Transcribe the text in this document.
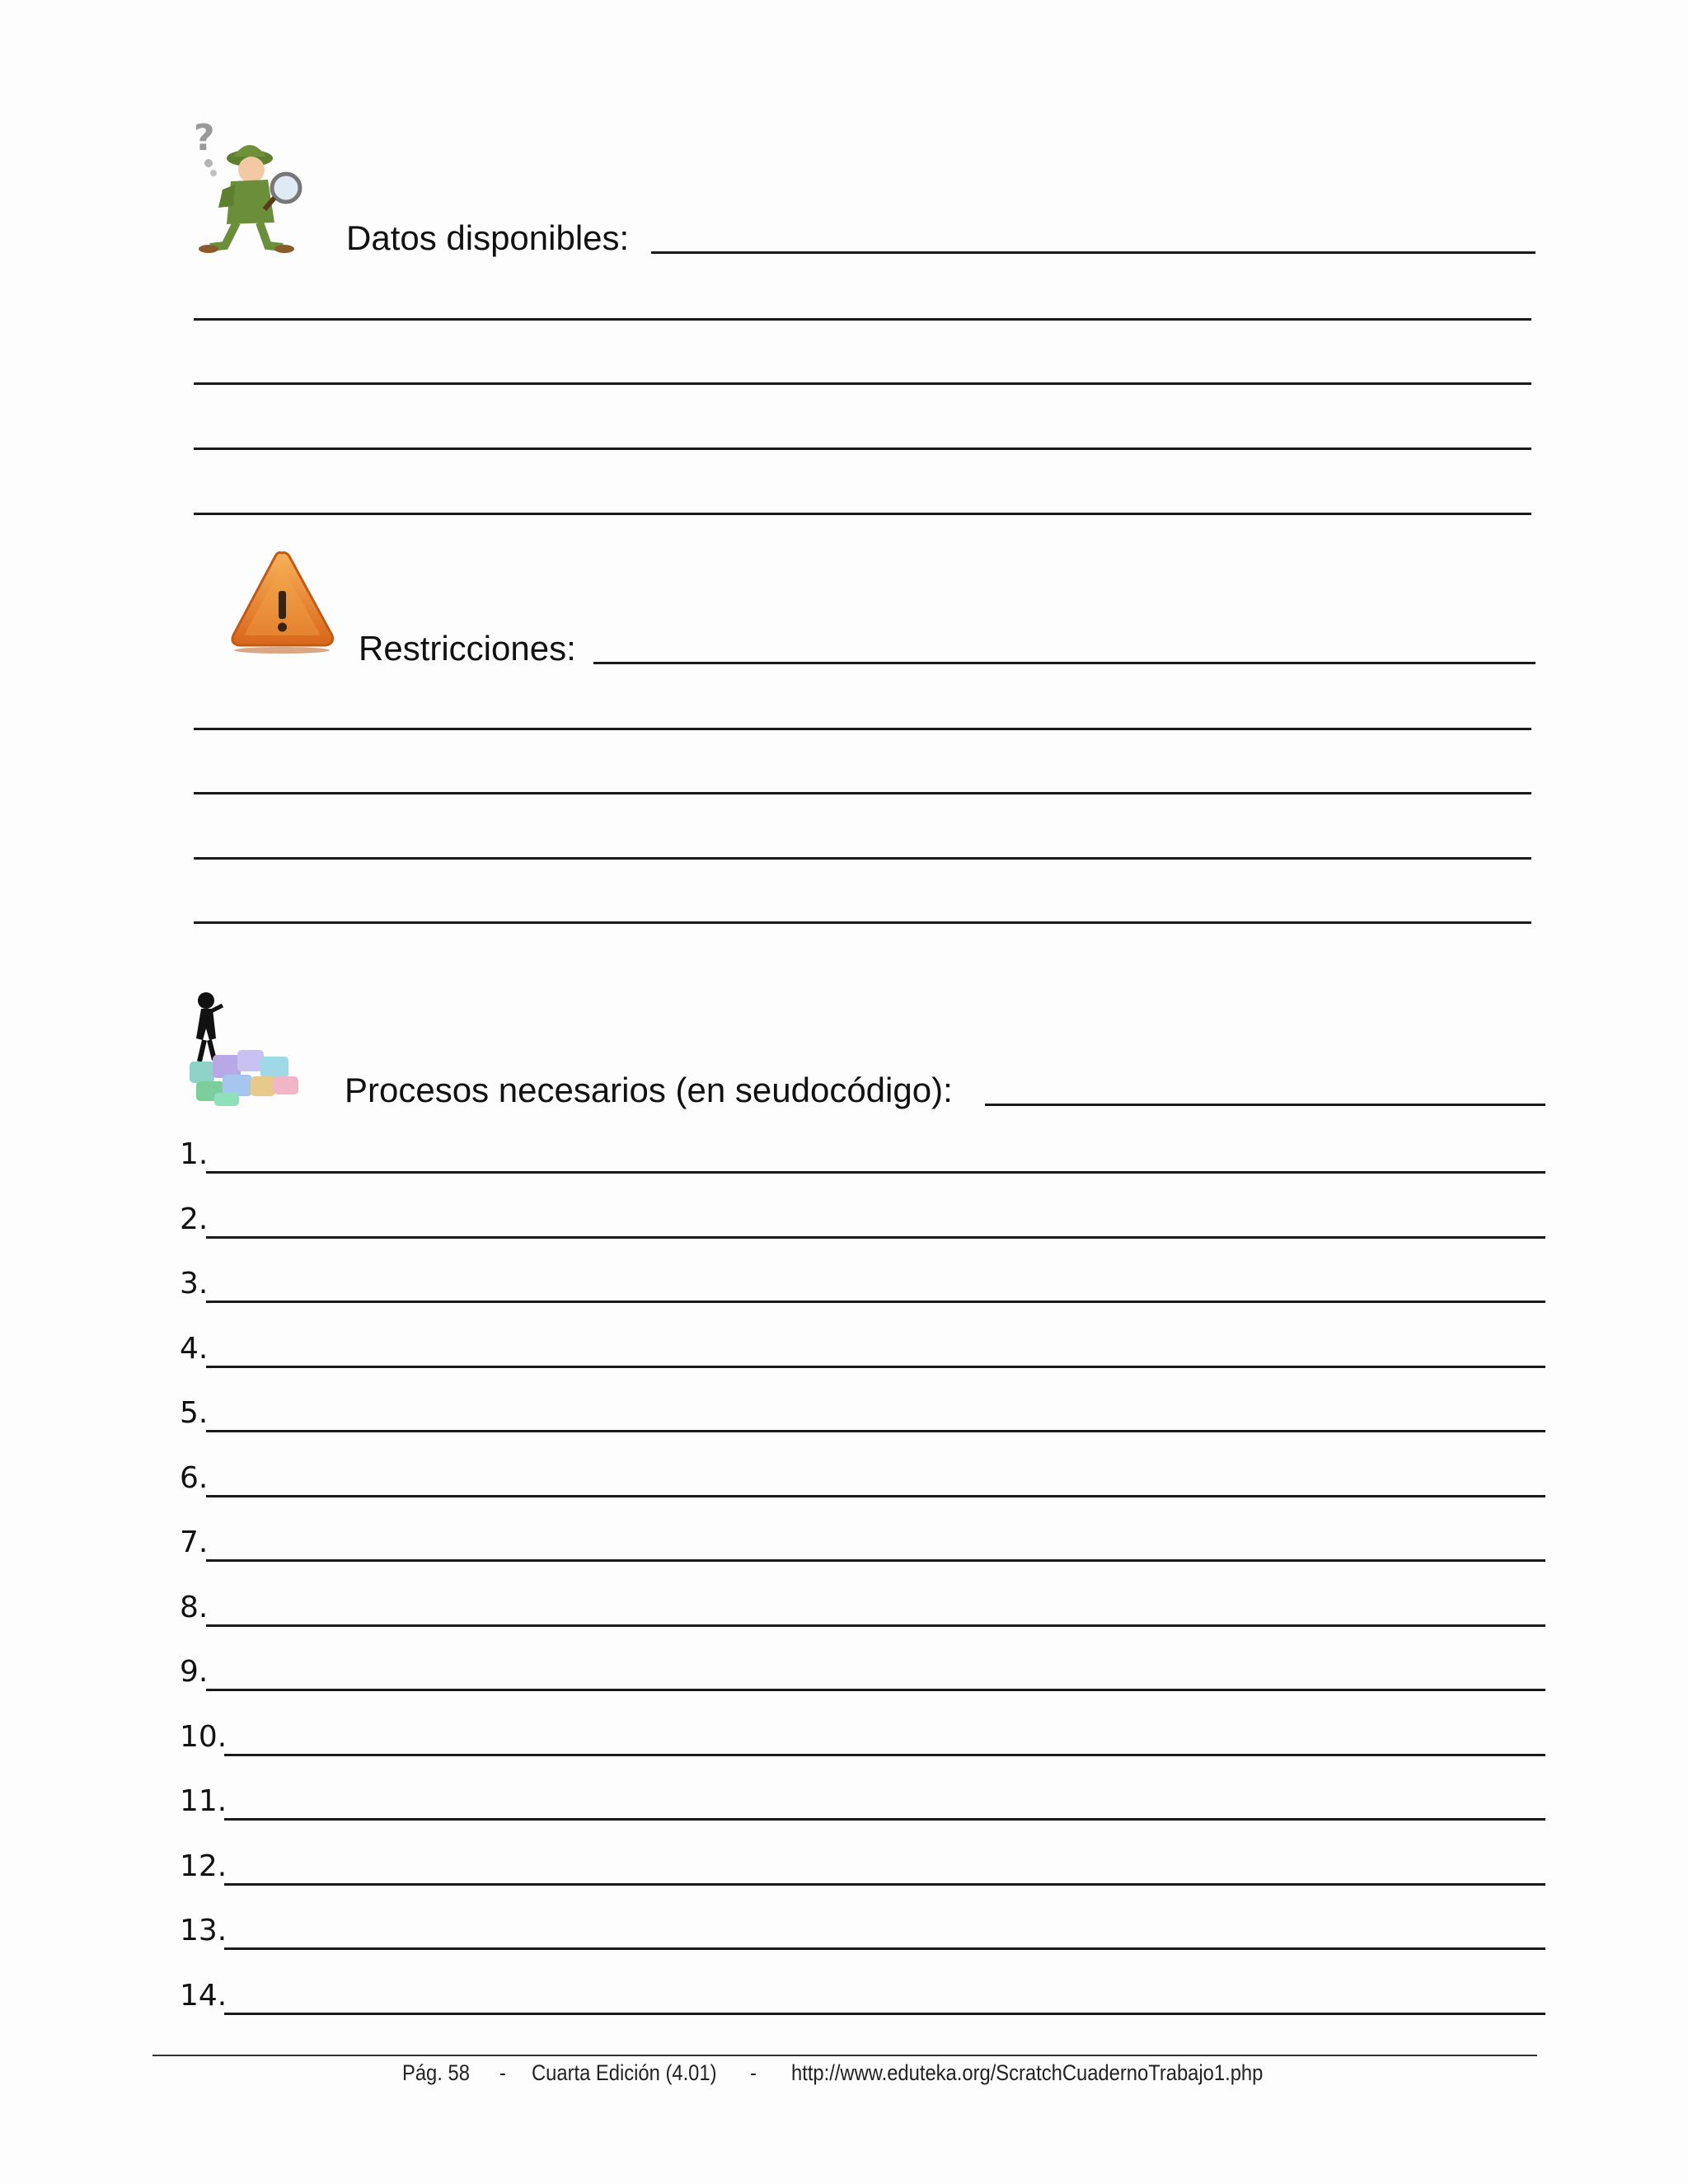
?
Datos disponibles:
Restricciones:
Procesos necesarios (en seudocódigo):
1.
2.
3.
4.
5.
6.
7.
8.
9.
10.
11.
12.
13.
14.
Pág. 58 - Cuarta Edición (4.01) - http://www.eduteka.org/ScratchCuadernoTrabajo1.php
